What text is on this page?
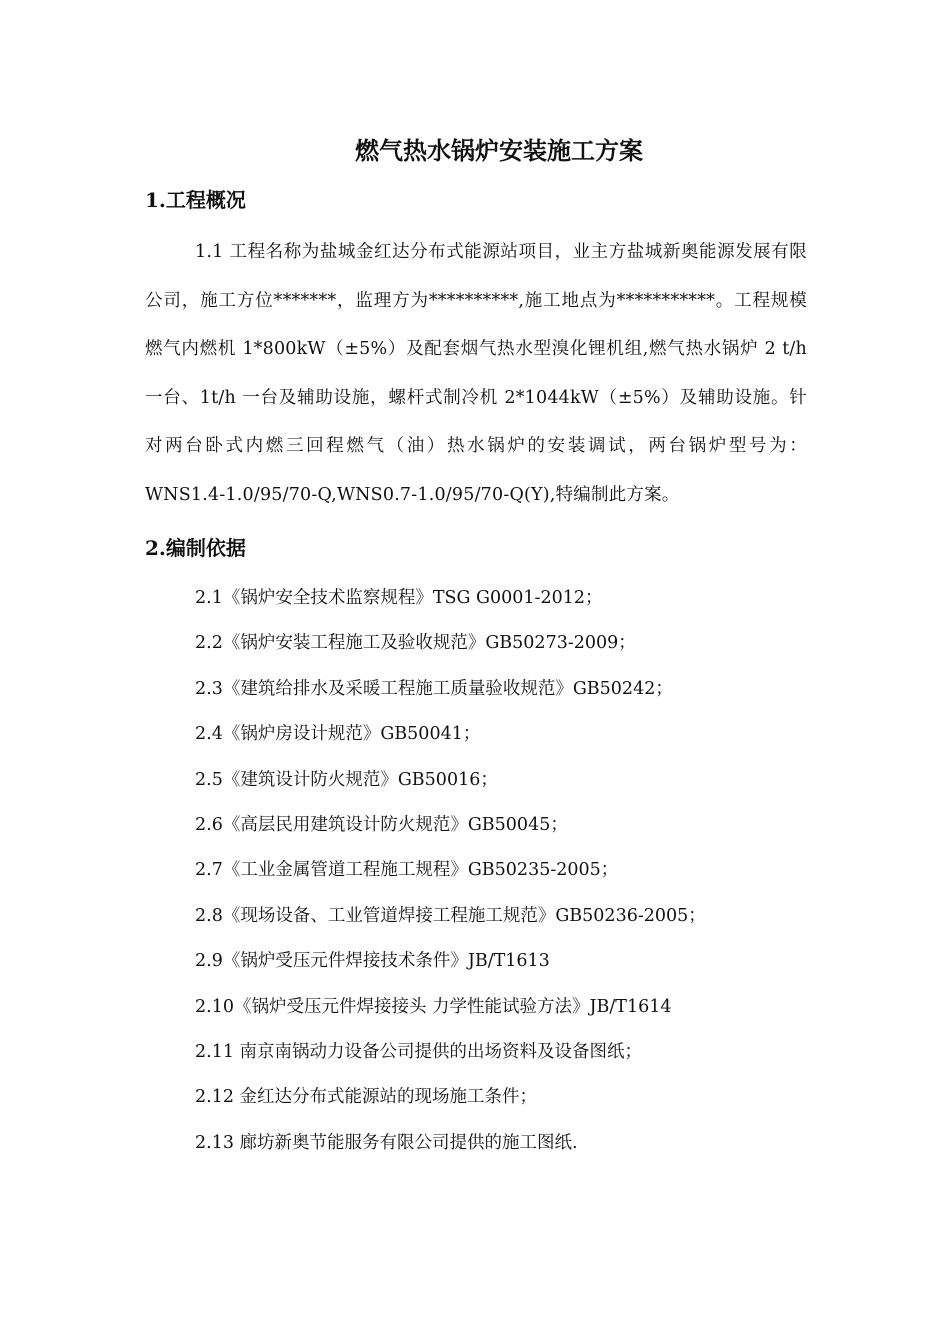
燃气热水锅炉安装施工方案
1.工程概况

1.1 工程名称为盐城金红达分布式能源站项目，业主方盐城新奥能源发展有限公司，施工方位*******，监理方为**********,施工地点为***********。工程规模燃气内燃机 1*800kW（±5%）及配套烟气热水型溴化锂机组,燃气热水锅炉 2 t/h 一台、1t/h 一台及辅助设施，螺杆式制冷机 2*1044kW（±5%）及辅助设施。针对两台卧式内燃三回程燃气（油）热水锅炉的安装调试，两台锅炉型号为：WNS1.4-1.0/95/70-Q,WNS0.7-1.0/95/70-Q(Y),特编制此方案。

2.编制依据
2.1《锅炉安全技术监察规程》TSG G0001-2012；
2.2《锅炉安装工程施工及验收规范》GB50273-2009；
2.3《建筑给排水及采暖工程施工质量验收规范》GB50242；
2.4《锅炉房设计规范》GB50041；
2.5《建筑设计防火规范》GB50016；
2.6《高层民用建筑设计防火规范》GB50045；
2.7《工业金属管道工程施工规程》GB50235-2005；
2.8《现场设备、工业管道焊接工程施工规范》GB50236-2005；
2.9《锅炉受压元件焊接技术条件》JB/T1613
2.10《锅炉受压元件焊接接头 力学性能试验方法》JB/T1614
2.11 南京南锅动力设备公司提供的出场资料及设备图纸；
2.12 金红达分布式能源站的现场施工条件；
2.13 廊坊新奥节能服务有限公司提供的施工图纸.
